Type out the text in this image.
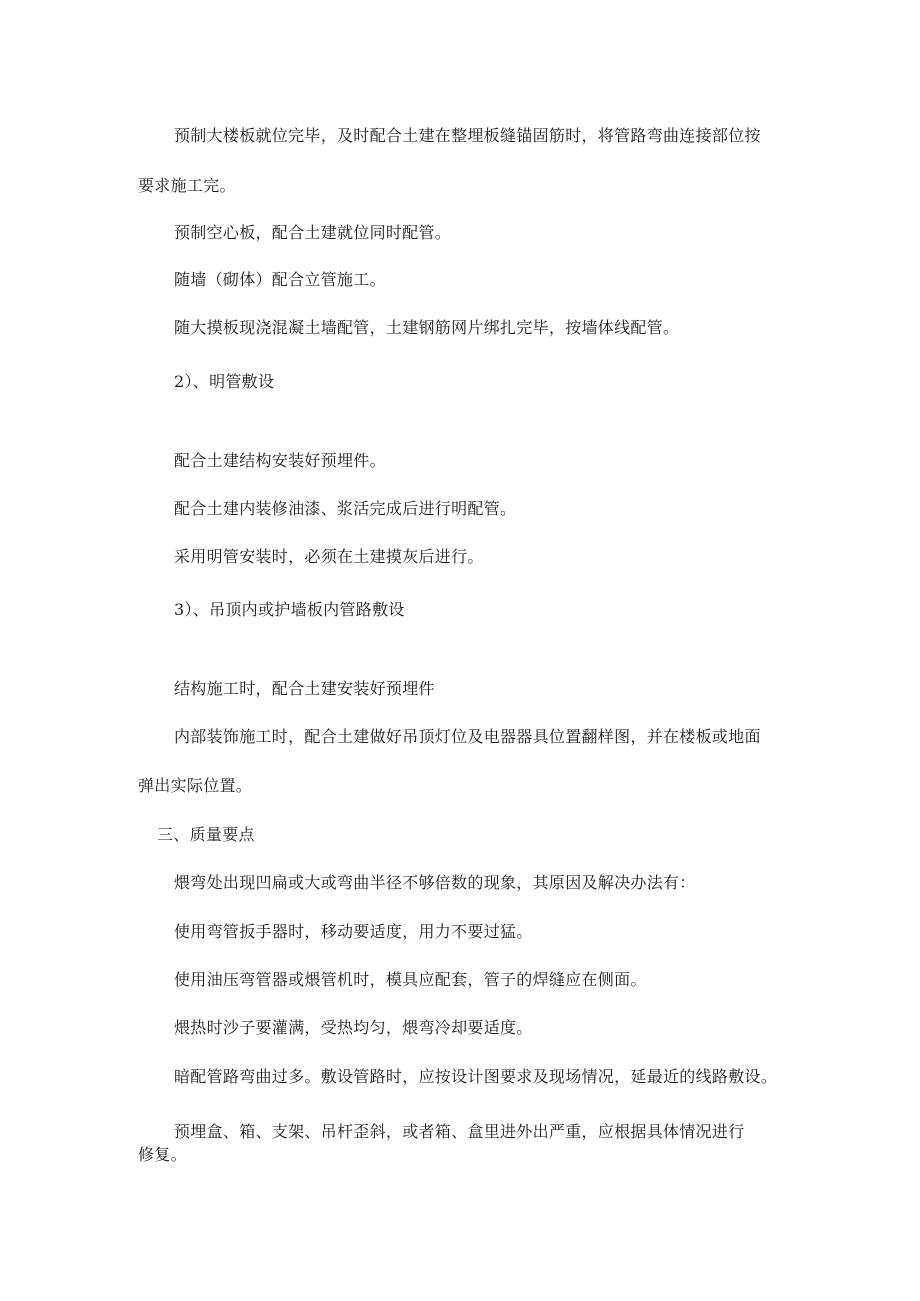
预制大楼板就位完毕，及时配合土建在整埋板缝锚固筋时，将管路弯曲连接部位按
要求施工完。
预制空心板，配合土建就位同时配管。
随墙（砌体）配合立管施工。
随大摸板现浇混凝土墙配管，土建钢筋网片绑扎完毕，按墙体线配管。
2）、明管敷设
配合土建结构安装好预埋件。
配合土建内装修油漆、浆活完成后进行明配管。
采用明管安装时，必须在土建摸灰后进行。
3）、吊顶内或护墙板内管路敷设
结构施工时，配合土建安装好预埋件
内部装饰施工时，配合土建做好吊顶灯位及电器器具位置翻样图，并在楼板或地面
弹出实际位置。
三、质量要点
煨弯处出现凹扁或大或弯曲半径不够倍数的现象，其原因及解决办法有：
使用弯管扳手器时，移动要适度，用力不要过猛。
使用油压弯管器或煨管机时，模具应配套，管子的焊缝应在侧面。
煨热时沙子要灌满，受热均匀，煨弯冷却要适度。
暗配管路弯曲过多。敷设管路时，应按设计图要求及现场情况，延最近的线路敷设。
预埋盒、箱、支架、吊杆歪斜，或者箱、盒里进外出严重，应根据具体情况进行
修复。
